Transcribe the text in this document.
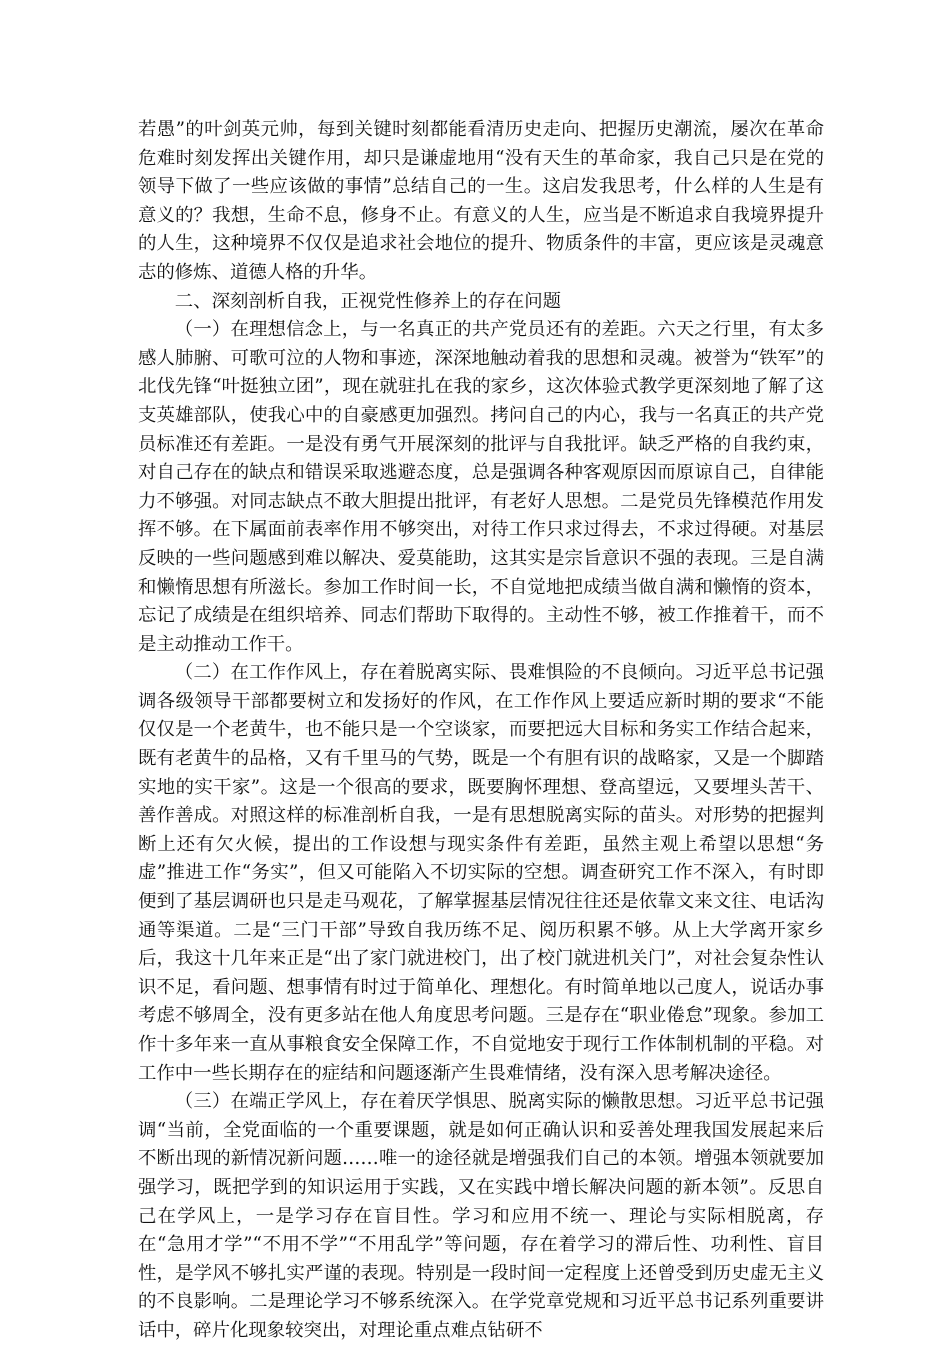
若愚”的叶剑英元帅，每到关键时刻都能看清历史走向、把握历史潮流，屡次在革命危难时刻发挥出关键作用，却只是谦虚地用“没有天生的革命家，我自己只是在党的领导下做了一些应该做的事情”总结自己的一生。这启发我思考，什么样的人生是有意义的？我想，生命不息，修身不止。有意义的人生，应当是不断追求自我境界提升的人生，这种境界不仅仅是追求社会地位的提升、物质条件的丰富，更应该是灵魂意志的修炼、道德人格的升华。

二、深刻剖析自我，正视党性修养上的存在问题

（一）在理想信念上，与一名真正的共产党员还有的差距。六天之行里，有太多感人肺腑、可歌可泣的人物和事迹，深深地触动着我的思想和灵魂。被誉为“铁军”的北伐先锋“叶挺独立团”，现在就驻扎在我的家乡，这次体验式教学更深刻地了解了这支英雄部队，使我心中的自豪感更加强烈。拷问自己的内心，我与一名真正的共产党员标准还有差距。一是没有勇气开展深刻的批评与自我批评。缺乏严格的自我约束，对自己存在的缺点和错误采取逃避态度，总是强调各种客观原因而原谅自己，自律能力不够强。对同志缺点不敢大胆提出批评，有老好人思想。二是党员先锋模范作用发挥不够。在下属面前表率作用不够突出，对待工作只求过得去，不求过得硬。对基层反映的一些问题感到难以解决、爱莫能助，这其实是宗旨意识不强的表现。三是自满和懒惰思想有所滋长。参加工作时间一长，不自觉地把成绩当做自满和懒惰的资本，忘记了成绩是在组织培养、同志们帮助下取得的。主动性不够，被工作推着干，而不是主动推动工作干。

（二）在工作作风上，存在着脱离实际、畏难惧险的不良倾向。习近平总书记强调各级领导干部都要树立和发扬好的作风，在工作作风上要适应新时期的要求“不能仅仅是一个老黄牛，也不能只是一个空谈家，而要把远大目标和务实工作结合起来，既有老黄牛的品格，又有千里马的气势，既是一个有胆有识的战略家，又是一个脚踏实地的实干家”。这是一个很高的要求，既要胸怀理想、登高望远，又要埋头苦干、善作善成。对照这样的标准剖析自我，一是有思想脱离实际的苗头。对形势的把握判断上还有欠火候，提出的工作设想与现实条件有差距，虽然主观上希望以思想“务虚”推进工作“务实”，但又可能陷入不切实际的空想。调查研究工作不深入，有时即便到了基层调研也只是走马观花，了解掌握基层情况往往还是依靠文来文往、电话沟通等渠道。二是“三门干部”导致自我历练不足、阅历积累不够。从上大学离开家乡后，我这十几年来正是“出了家门就进校门，出了校门就进机关门”，对社会复杂性认识不足，看问题、想事情有时过于简单化、理想化。有时简单地以己度人，说话办事考虑不够周全，没有更多站在他人角度思考问题。三是存在“职业倦怠”现象。参加工作十多年来一直从事粮食安全保障工作，不自觉地安于现行工作体制机制的平稳。对工作中一些长期存在的症结和问题逐渐产生畏难情绪，没有深入思考解决途径。

（三）在端正学风上，存在着厌学惧思、脱离实际的懒散思想。习近平总书记强调“当前，全党面临的一个重要课题，就是如何正确认识和妥善处理我国发展起来后不断出现的新情况新问题……唯一的途径就是增强我们自己的本领。增强本领就要加强学习，既把学到的知识运用于实践，又在实践中增长解决问题的新本领”。反思自己在学风上，一是学习存在盲目性。学习和应用不统一、理论与实际相脱离，存在“急用才学”“不用不学”“不用乱学”等问题，存在着学习的滞后性、功利性、盲目性，是学风不够扎实严谨的表现。特别是一段时间一定程度上还曾受到历史虚无主义的不良影响。二是理论学习不够系统深入。在学党章党规和习近平总书记系列重要讲话中，碎片化现象较突出，对理论重点难点钻研不
